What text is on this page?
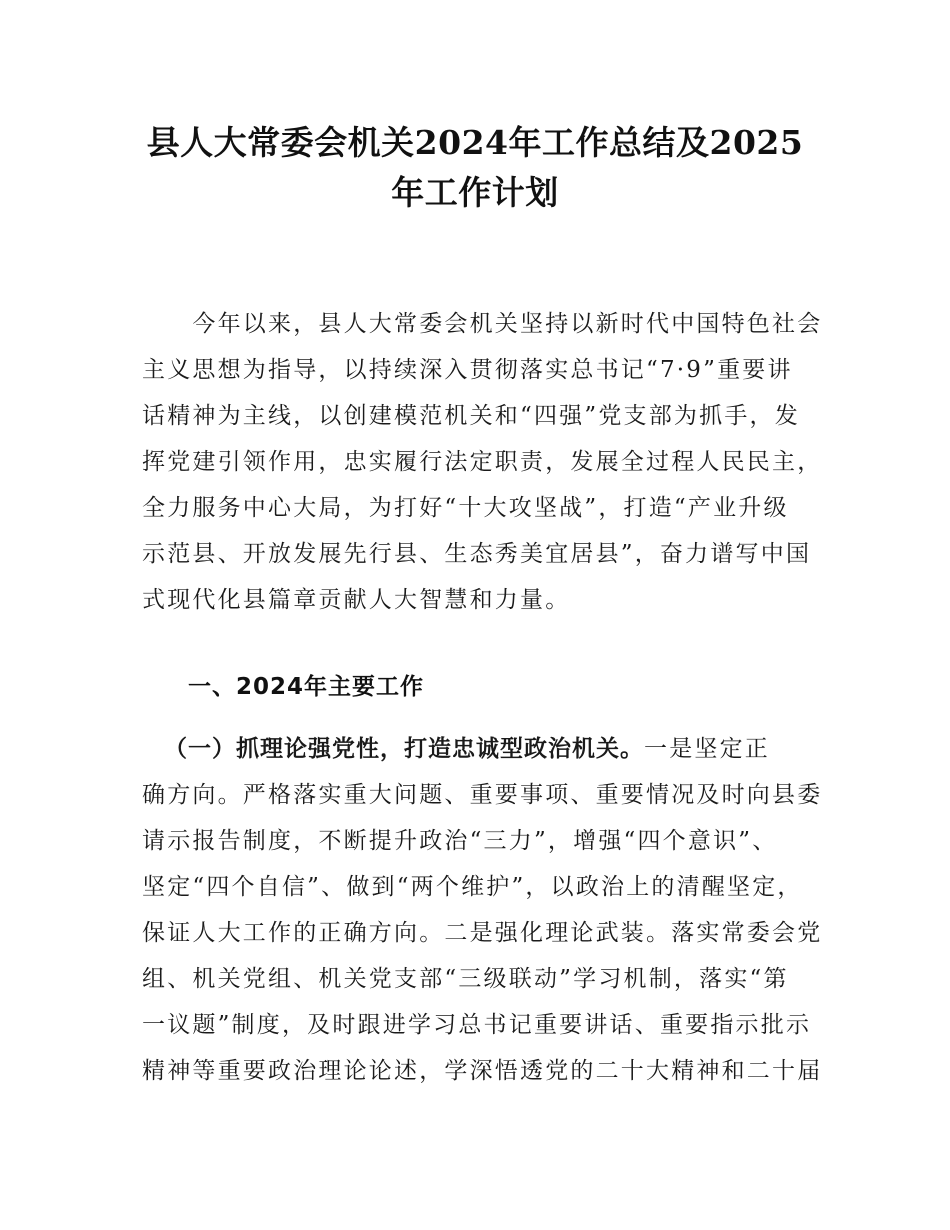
县人大常委会机关2024年工作总结及2025
年工作计划
　　今年以来，县人大常委会机关坚持以新时代中国特色社会
主义思想为指导，以持续深入贯彻落实总书记“7·9”重要讲
话精神为主线，以创建模范机关和“四强”党支部为抓手，发
挥党建引领作用，忠实履行法定职责，发展全过程人民民主，
全力服务中心大局，为打好“十大攻坚战”，打造“产业升级
示范县、开放发展先行县、生态秀美宜居县”，奋力谱写中国
式现代化县篇章贡献人大智慧和力量。
一、2024年主要工作
（一）抓理论强党性，打造忠诚型政治机关。一是坚定正
确方向。严格落实重大问题、重要事项、重要情况及时向县委
请示报告制度，不断提升政治“三力”，增强“四个意识”、
坚定“四个自信”、做到“两个维护”，以政治上的清醒坚定，
保证人大工作的正确方向。二是强化理论武装。落实常委会党
组、机关党组、机关党支部“三级联动”学习机制，落实“第
一议题”制度，及时跟进学习总书记重要讲话、重要指示批示
精神等重要政治理论论述，学深悟透党的二十大精神和二十届
